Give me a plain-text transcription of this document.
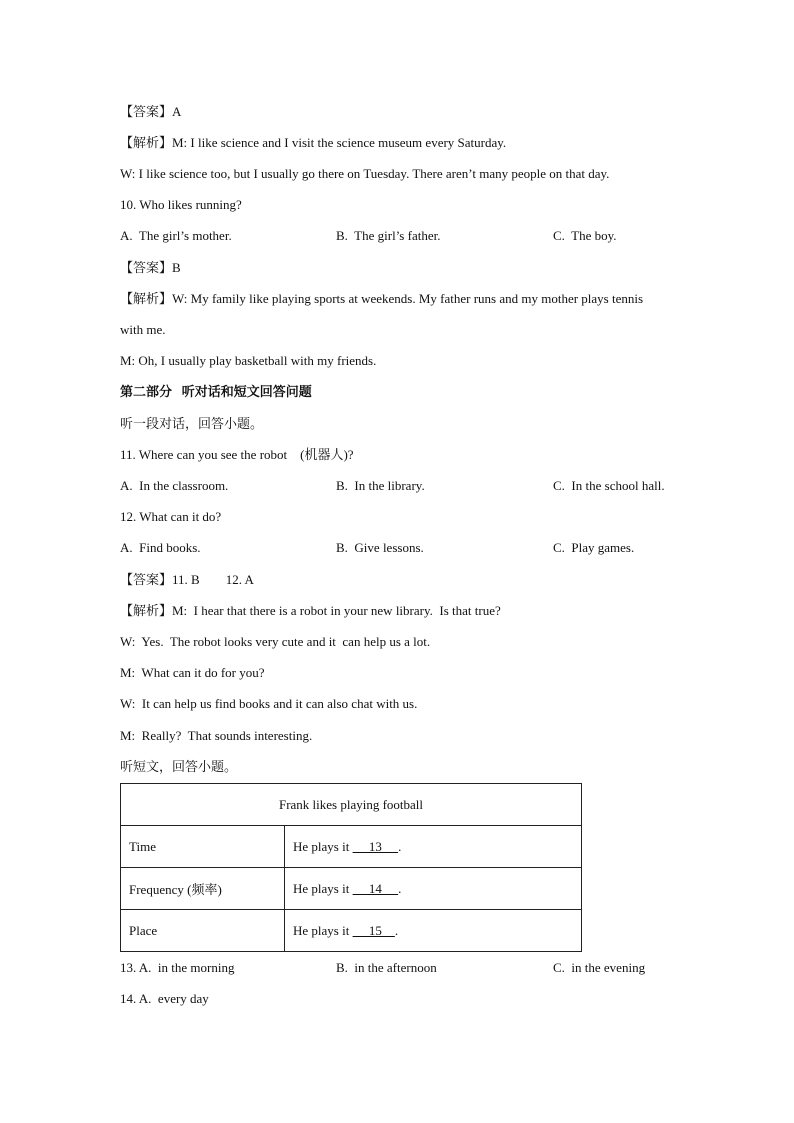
【答案】A
【解析】M: I like science and I visit the science museum every Saturday.
W: I like science too, but I usually go there on Tuesday. There aren’t many people on that day.
10. Who likes running?
A.  The girl’s mother.	B.  The girl’s father.	C.  The boy.
【答案】B
【解析】W: My family like playing sports at weekends. My father runs and my mother plays tennis
with me.
M: Oh, I usually play basketball with my friends.
第二部分   听对话和短文回答问题
听一段对话，回答小题。
11. Where can you see the robot    (机器人)?
A.  In the classroom.	B.  In the library.	C.  In the school hall.
12. What can it do?
A.  Find books.	B.  Give lessons.	C.  Play games.
【答案】11. B        12. A
【解析】M:  I hear that there is a robot in your new library.  Is that true?
W:  Yes.  The robot looks very cute and it  can help us a lot.
M:  What can it do for you?
W:  It can help us find books and it can also chat with us.
M:  Really?  That sounds interesting.
听短文，回答小题。
Frank likes playing football	
Time	He plays it      13     .
Frequency (频率)	He plays it      14     .
Place	He plays it      15    .
13. A.  in the morning	B.  in the afternoon	C.  in the evening
14. A.  every day
